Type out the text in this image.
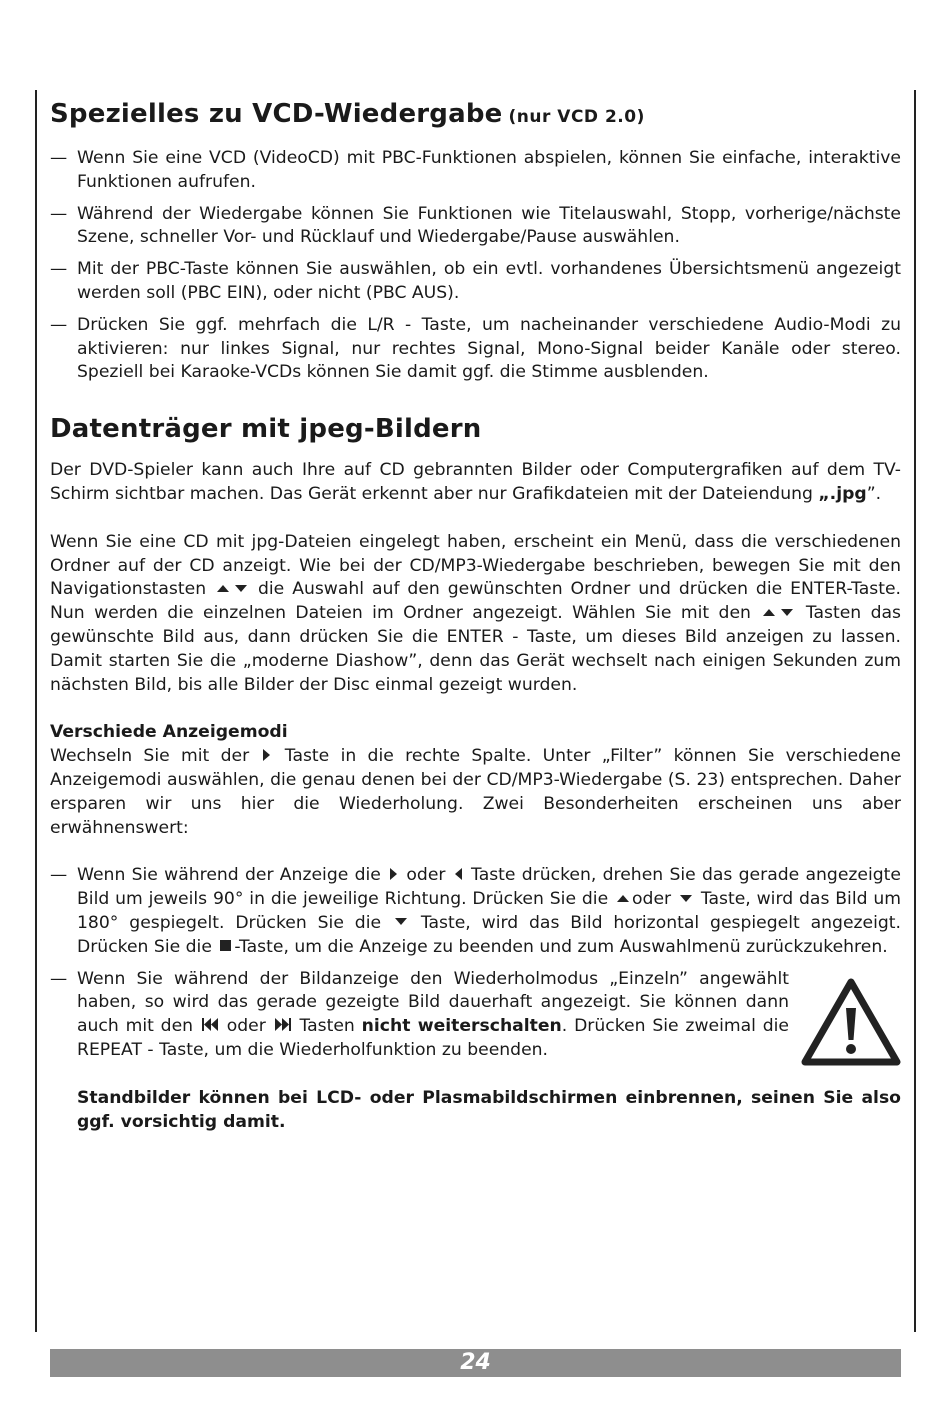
Spezielles zu VCD-Wiedergabe (nur VCD 2.0)

— Wenn Sie eine VCD (VideoCD) mit PBC-Funktionen abspielen, können Sie einfache, interaktive Funktionen aufrufen.

— Während der Wiedergabe können Sie Funktionen wie Titelauswahl, Stopp, vorherige/nächste Szene, schneller Vor- und Rücklauf und Wiedergabe/Pause auswählen.

— Mit der PBC-Taste können Sie auswählen, ob ein evtl. vorhandenes Übersichtsmenü angezeigt werden soll (PBC EIN), oder nicht (PBC AUS).

— Drücken Sie ggf. mehrfach die L/R - Taste, um nacheinander verschiedene Audio-Modi zu aktivieren: nur linkes Signal, nur rechtes Signal, Mono-Signal beider Kanäle oder stereo. Speziell bei Karaoke-VCDs können Sie damit ggf. die Stimme ausblenden.

Datenträger mit jpeg-Bildern

Der DVD-Spieler kann auch Ihre auf CD gebrannten Bilder oder Computergrafiken auf dem TV-Schirm sichtbar machen. Das Gerät erkennt aber nur Grafikdateien mit der Dateiendung „.jpg”.

Wenn Sie eine CD mit jpg-Dateien eingelegt haben, erscheint ein Menü, dass die verschiedenen Ordner auf der CD anzeigt. Wie bei der CD/MP3-Wiedergabe beschrieben, bewegen Sie mit den Navigationstasten	die Auswahl auf den gewünschten Ordner und drücken die ENTER-Taste. Nun werden die einzelnen Dateien im Ordner angezeigt. Wählen Sie mit den	Tasten das gewünschte Bild aus, dann drücken Sie die ENTER - Taste, um dieses Bild anzeigen zu lassen. Damit starten Sie die „moderne Diashow”, denn das Gerät wechselt nach einigen Sekunden zum nächsten Bild, bis alle Bilder der Disc einmal gezeigt wurden.

Verschiede Anzeigemodi

Wechseln Sie mit der Taste in die rechte Spalte. Unter „Filter” können Sie verschiedene Anzeigemodi auswählen, die genau denen bei der CD/MP3-Wiedergabe (S. 23) entsprechen. Daher ersparen wir uns hier die Wiederholung. Zwei Besonderheiten erscheinen uns aber erwähnenswert:

— Wenn Sie während der Anzeige die oder Taste drücken, drehen Sie das gerade angezeigte Bild um jeweils 90° in die jeweilige Richtung. Drücken Sie die oder Taste, wird das Bild um 180° gespiegelt. Drücken Sie die Taste, wird das Bild horizontal gespiegelt angezeigt. Drücken Sie die -Taste, um die Anzeige zu beenden und zum Auswahlmenü zurückzukehren.

— Wenn Sie während der Bildanzeige den Wiederholmodus „Einzeln” angewählt haben, so wird das gerade gezeigte Bild dauerhaft angezeigt. Sie können dann auch mit den oder Tasten nicht weiterschalten. Drücken Sie zweimal die REPEAT - Taste, um die Wiederholfunktion zu beenden.

Standbilder können bei LCD- oder Plasmabildschirmen einbrennen, seinen Sie also ggf. vorsichtig damit.

24
